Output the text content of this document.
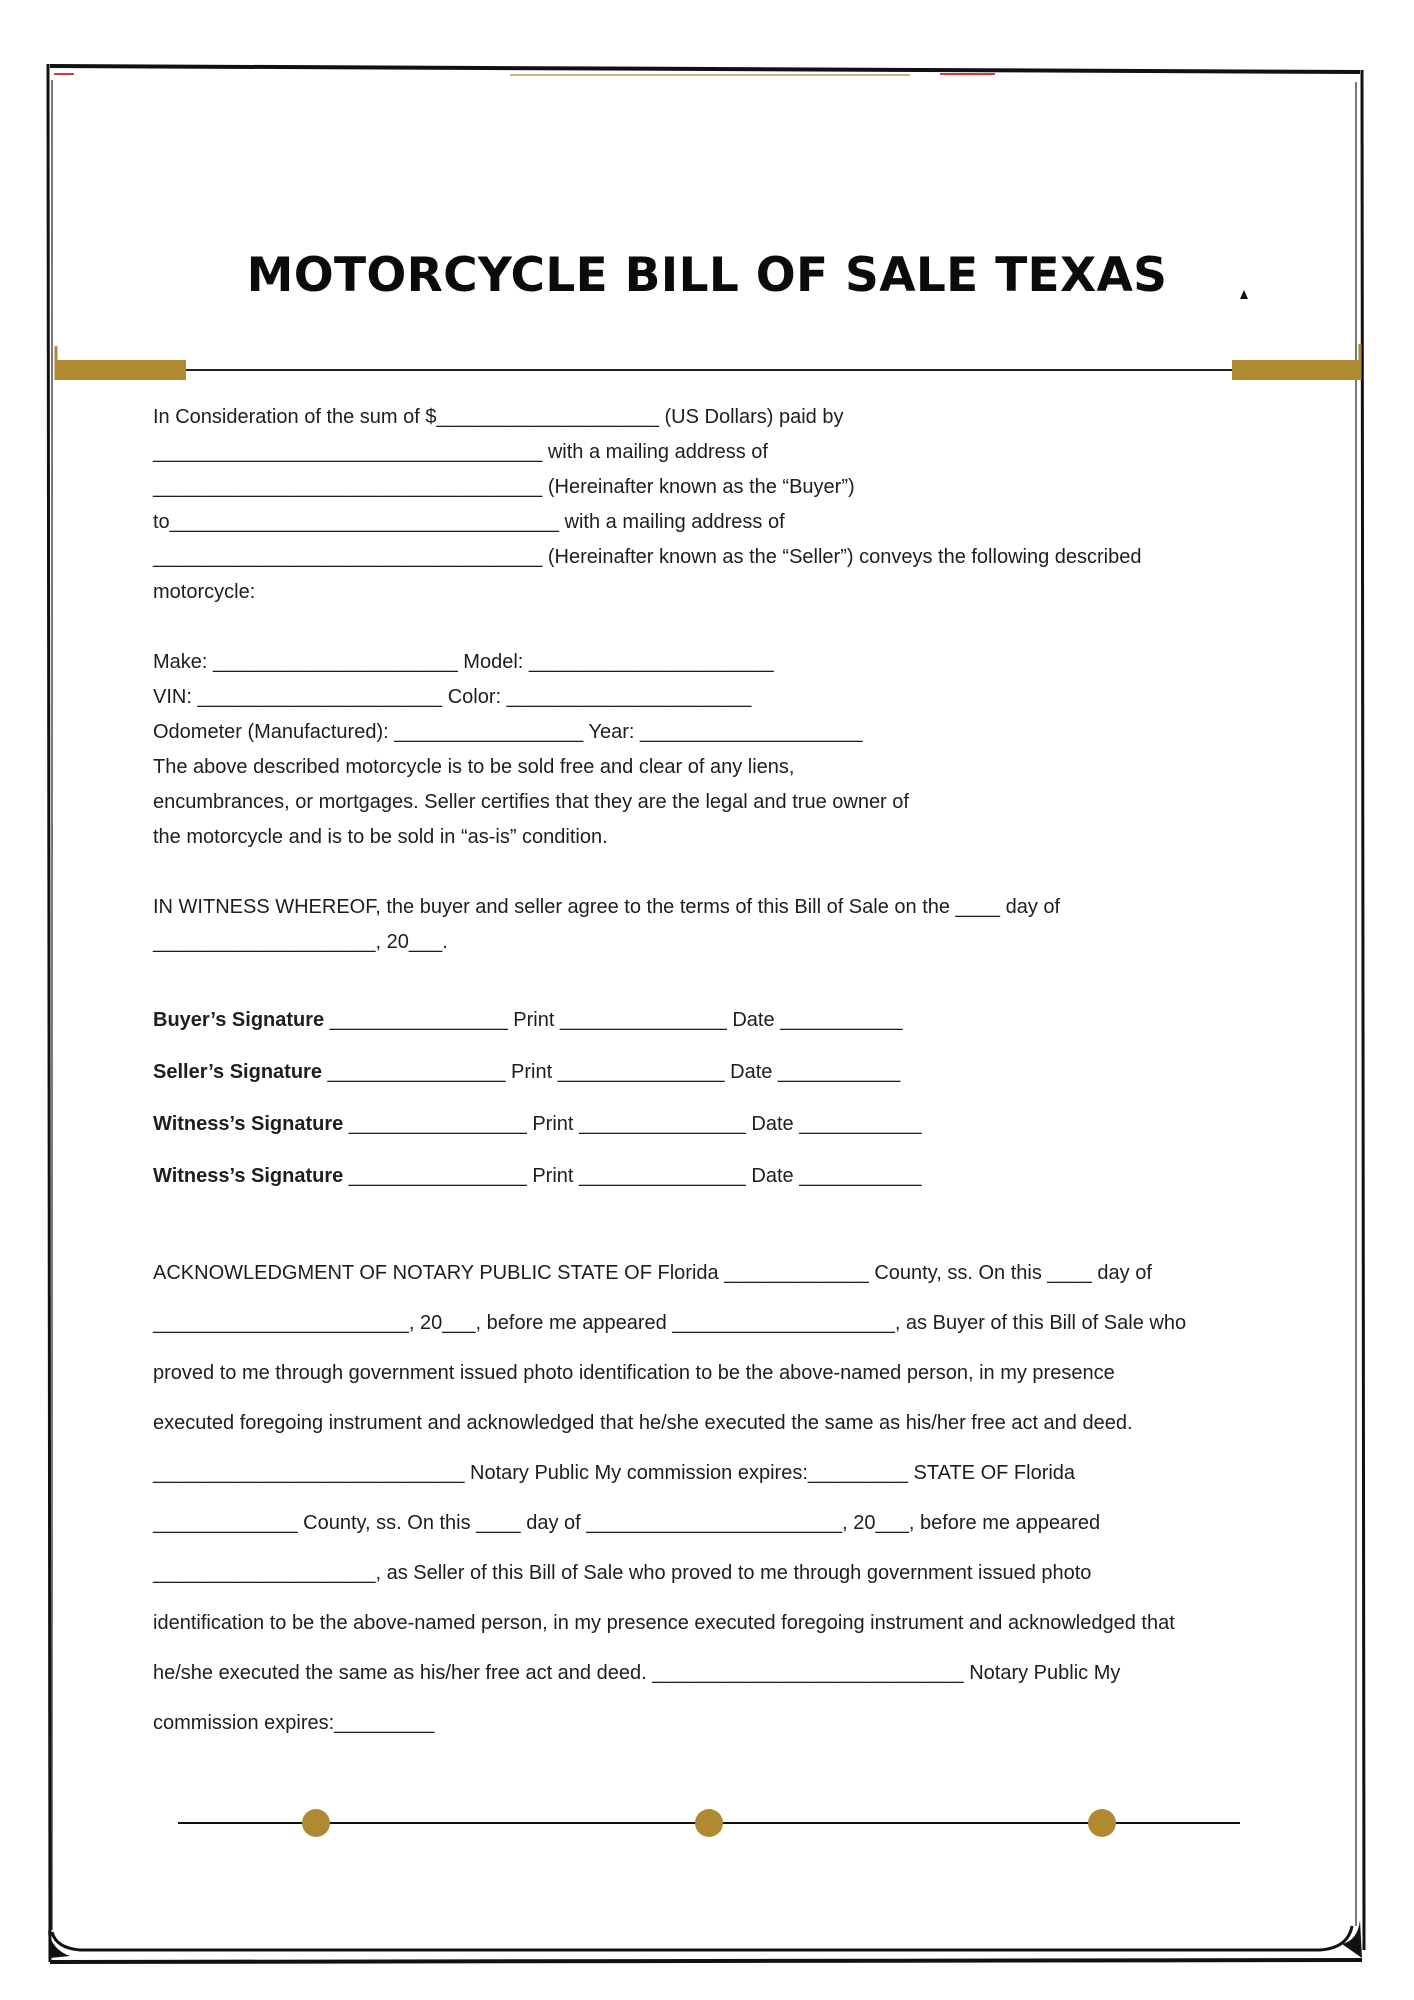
MOTORCYCLE BILL OF SALE TEXAS
In Consideration of the sum of $____________________ (US Dollars) paid by
___________________________________ with a mailing address of
___________________________________ (Hereinafter known as the “Buyer”)
to___________________________________ with a mailing address of
___________________________________ (Hereinafter known as the “Seller”) conveys the following described
motorcycle:
Make: ______________________ Model: ______________________
VIN: ______________________ Color: ______________________
Odometer (Manufactured): _________________ Year: ____________________
The above described motorcycle is to be sold free and clear of any liens,
encumbrances, or mortgages. Seller certifies that they are the legal and true owner of
the motorcycle and is to be sold in “as-is” condition.
IN WITNESS WHEREOF, the buyer and seller agree to the terms of this Bill of Sale on the ____ day of
____________________, 20___.
Buyer’s Signature ________________ Print _______________ Date ___________
Seller’s Signature ________________ Print _______________ Date ___________
Witness’s Signature ________________ Print _______________ Date ___________
Witness’s Signature ________________ Print _______________ Date ___________
ACKNOWLEDGMENT OF NOTARY PUBLIC STATE OF Florida _____________ County, ss. On this ____ day of
_______________________, 20___, before me appeared ____________________, as Buyer of this Bill of Sale who
proved to me through government issued photo identification to be the above-named person, in my presence
executed foregoing instrument and acknowledged that he/she executed the same as his/her free act and deed.
____________________________ Notary Public My commission expires:_________ STATE OF Florida
_____________ County, ss. On this ____ day of _______________________, 20___, before me appeared
____________________, as Seller of this Bill of Sale who proved to me through government issued photo
identification to be the above-named person, in my presence executed foregoing instrument and acknowledged that
he/she executed the same as his/her free act and deed. ____________________________ Notary Public My
commission expires:_________
